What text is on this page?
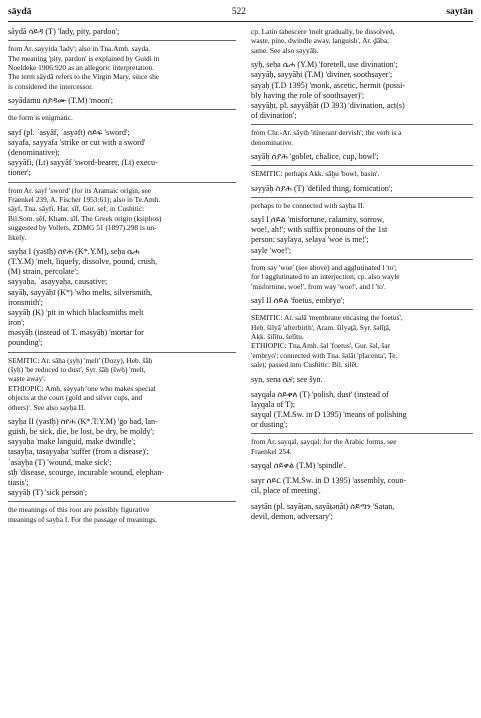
sāydā	522	saytān
sāydā ሳይዳ (T) 'lady, pity, pardon';
from Ar. sayyida 'lady'; also in Tna.Amh. sayda.
The meaning 'pity, pardon' is explained by Guidi in
Noeldeke 1906:920 as an allegoric interpretation.
The term sāydā refers to the Virgin Mary, since she
is considered the intercessor.
səyādamu ሰያዳሙ (T.M) 'moon';
the form is enigmatic.
sayf (pl. ʾasyāf, ʾasyəft) ሰይፍ 'sword';
sayafa, sayyafa 'strike or cut with a sword'
(denominative);
sayyāfi, (Lt) sayyāf 'sword-bearer, (Lt) execu-
tioner';
from Ar. sayf 'sword' (for its Aramaic origin, see
Fraenkel 239, A. Fischer 1953:61); also in Te.Amh.
sāyf, Tna. sāyfi, Har. sīf, Gur. sef; in Cushitic:
Bil.Som. sēf, Kham. sīf. The Greek origin (ksiphos)
suggested by Vollers, ZDMG 51 (1897).298 is un-
likely.
sayḥa I (yəsīḥ) ሰየሐ (K*.Y.M), seḥa ሴሐ
(T.Y.M) 'melt, liquefy, dissolve, pound, crush,
(M) strain, percolate';
sayyaḥa, ʾasayyaḥa, causative;
sayāḥ, sayyāḥī (K*) 'who melts, silversmith,
ironsmith';
səyyāḥ (K) 'pit in which blacksmiths melt
iron';
məsyāḥ (instead of T. məsyāḥ) 'mortar for
pounding';
SEMITIC: Ar. sāḥa (syḥ) 'melt' (Dozy), Heb. šāḥ
(šyḥ) 'be reduced to dust', Syr. šāḥ (šwḥ) 'melt,
waste away'.
ETHIOPIC: Amh. səyyah 'one who makes special
objects at the court (gold and silver cups, and
others)'. See also sayḥa II.
sayḥa II (yəsīḥ) ሰየሐ (K*.T.Y.M) 'go bad, lan-
guish, be sick, die, be lost, be dry, be moldy';
sayyaḥa 'make languid, make dwindle';
tasayḥa, tasayyaḥa 'suffer (from a disease)';
ʾasayḥa (T) 'wound, make sick';
sīḥ 'disease, scourge, incurable wound, elephan-
tiasis';
sayyāḥ (T) 'sick person';
the meanings of this root are possibly figurative
meanings of sayḥa I. For the passage of meanings,
cp. Latin tabescere 'melt gradually, be dissolved,
waste, pine, dwindle away, languish', Ar. ḏāba,
same. See also səyyāḥ.
syḥ, seḥa ሴሐ (Y.M) 'foretell, use divination';
sayyāḥ, sayyāḥi (T.M) 'diviner, soothsayer';
sayaḥ (T.D 1395) 'monk, ascetic, hermit (possi-
bly having the role of soothsayer)';
sayyāḥt, pl. sayyāḥāt (D 393) 'divination, act(s)
of divination';
from Chr.-Ar. sāyiḥ 'itinerant dervish'; the verb is a
denominative.
sayāḥ ሰያሕ 'goblet, chalice, cup, bowl';
SEMITIC: perhaps Akk. sāḫu 'bowl, basin'.
səyyāḥ ስያሕ (T) 'defiled thing, fornication';
perhaps to be connected with sayḥa II.
sayl I ሰይል 'misfortune, calamity, sorrow,
woe!, ah!'; with suffix pronouns of the 1st
person: saylaya, selaya 'woe is me!';
sayle 'woe!';
from say 'woe' (see above) and agglutinated l 'to';
for l agglutinated to an interjection, cp. also wayle
'misfortune, woe!', from way 'woe!', and l 'to'.
sayl II ሰይል 'foetus, embryo';
SEMITIC: Ar. salā 'membrane encasing the foetus',
Heb. šilyā 'afterbirth', Aram. šilyəṯā, Syr. šəlīṯā,
Akk. šilītu, šelītu.
ETHIOPIC: Tna.Amh. šəl 'foetus', Gur. šəl, šər
'embryo'; connected with Tna. šəlāt 'placenta', Te.
saleṭ; passed into Cushitic: Bil. silēt.
syn, sena ሴና; see šyn.
sayqala ሰይቀለ (T) 'polish, dust' (instead of
layqala of T);
sayqal (T.M.Sw. in D 1395) 'means of polishing
or dusting';
from Ar. sayqal, ṣayqal: for the Arabic forms, see
Fraenkel 254.
sayqal ሰይቀል (T.M) 'spindle'.
sayr ሰይር (T.M.Sw. in D 1395) 'assembly, coun-
cil, place of meeting'.
saytān (pl. sayāṭən, sayāṭənāt) ሰይጣን 'Satan,
devil, demon, adversary';
